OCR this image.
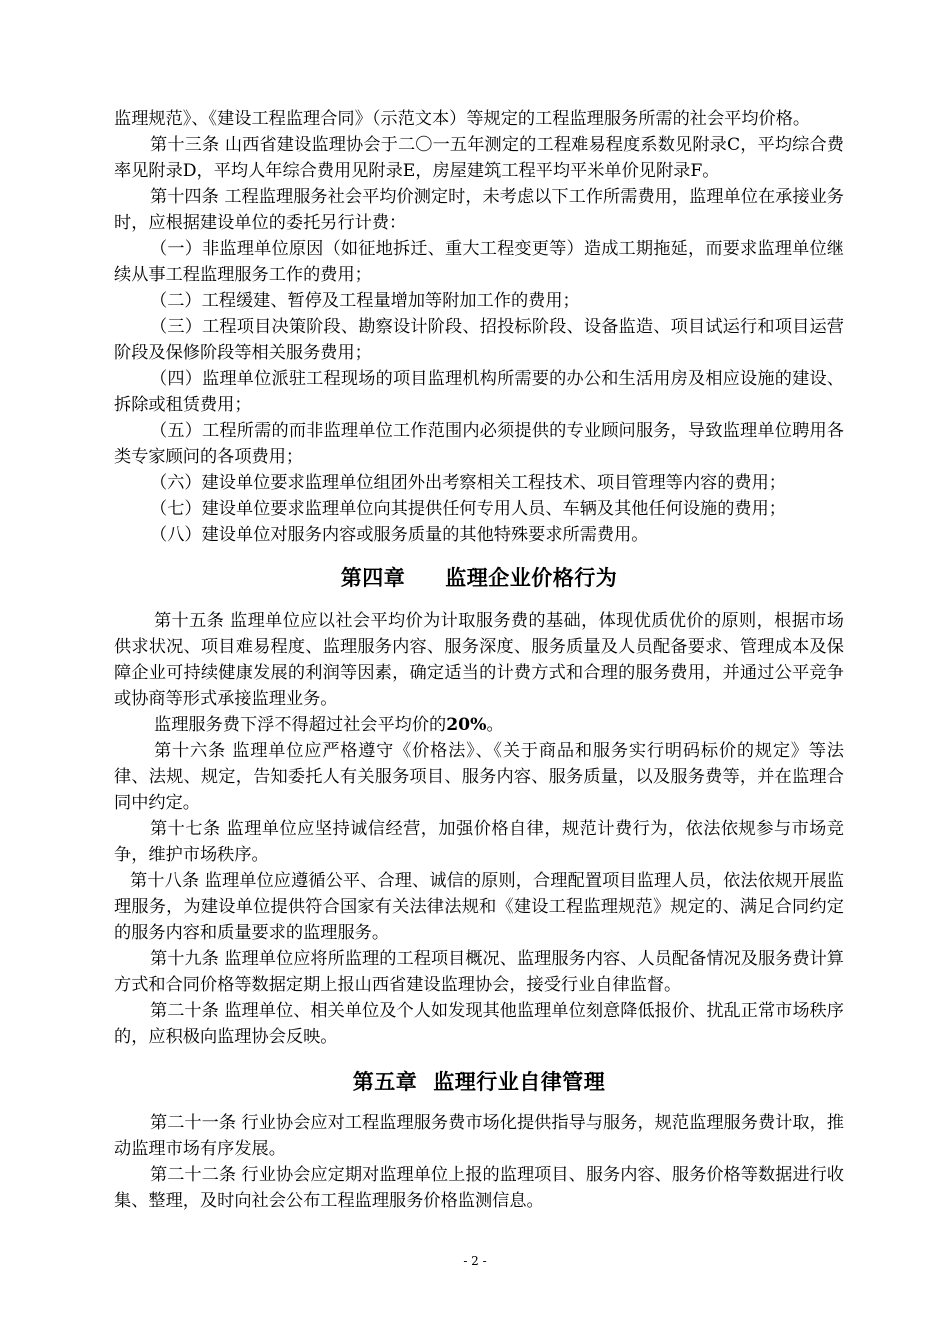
监理规范》、《建设工程监理合同》（示范文本）等规定的工程监理服务所需的社会平均价格。

第十三条 山西省建设监理协会于二〇一五年测定的工程难易程度系数见附录C，平均综合费率见附录D，平均人年综合费用见附录E，房屋建筑工程平均平米单价见附录F。

第十四条 工程监理服务社会平均价测定时，未考虑以下工作所需费用，监理单位在承接业务时，应根据建设单位的委托另行计费：

（一）非监理单位原因（如征地拆迁、重大工程变更等）造成工期拖延，而要求监理单位继续从事工程监理服务工作的费用；

（二）工程缓建、暂停及工程量增加等附加工作的费用；

（三）工程项目决策阶段、勘察设计阶段、招投标阶段、设备监造、项目试运行和项目运营阶段及保修阶段等相关服务费用；

（四）监理单位派驻工程现场的项目监理机构所需要的办公和生活用房及相应设施的建设、拆除或租赁费用；

（五）工程所需的而非监理单位工作范围内必须提供的专业顾问服务，导致监理单位聘用各类专家顾问的各项费用；

（六）建设单位要求监理单位组团外出考察相关工程技术、项目管理等内容的费用；

（七）建设单位要求监理单位向其提供任何专用人员、车辆及其他任何设施的费用；

（八）建设单位对服务内容或服务质量的其他特殊要求所需费用。

第四章 监理企业价格行为

第十五条 监理单位应以社会平均价为计取服务费的基础，体现优质优价的原则，根据市场供求状况、项目难易程度、监理服务内容、服务深度、服务质量及人员配备要求、管理成本及保障企业可持续健康发展的利润等因素，确定适当的计费方式和合理的服务费用，并通过公平竞争或协商等形式承接监理业务。

监理服务费下浮不得超过社会平均价的20%。

第十六条 监理单位应严格遵守《价格法》、《关于商品和服务实行明码标价的规定》等法律、法规、规定，告知委托人有关服务项目、服务内容、服务质量，以及服务费等，并在监理合同中约定。

第十七条 监理单位应坚持诚信经营，加强价格自律，规范计费行为，依法依规参与市场竞争，维护市场秩序。

第十八条 监理单位应遵循公平、合理、诚信的原则，合理配置项目监理人员，依法依规开展监理服务，为建设单位提供符合国家有关法律法规和《建设工程监理规范》规定的、满足合同约定的服务内容和质量要求的监理服务。

第十九条 监理单位应将所监理的工程项目概况、监理服务内容、人员配备情况及服务费计算方式和合同价格等数据定期上报山西省建设监理协会，接受行业自律监督。

第二十条 监理单位、相关单位及个人如发现其他监理单位刻意降低报价、扰乱正常市场秩序的，应积极向监理协会反映。

第五章 监理行业自律管理

第二十一条 行业协会应对工程监理服务费市场化提供指导与服务，规范监理服务费计取，推动监理市场有序发展。

第二十二条 行业协会应定期对监理单位上报的监理项目、服务内容、服务价格等数据进行收集、整理，及时向社会公布工程监理服务价格监测信息。

- 2 -
